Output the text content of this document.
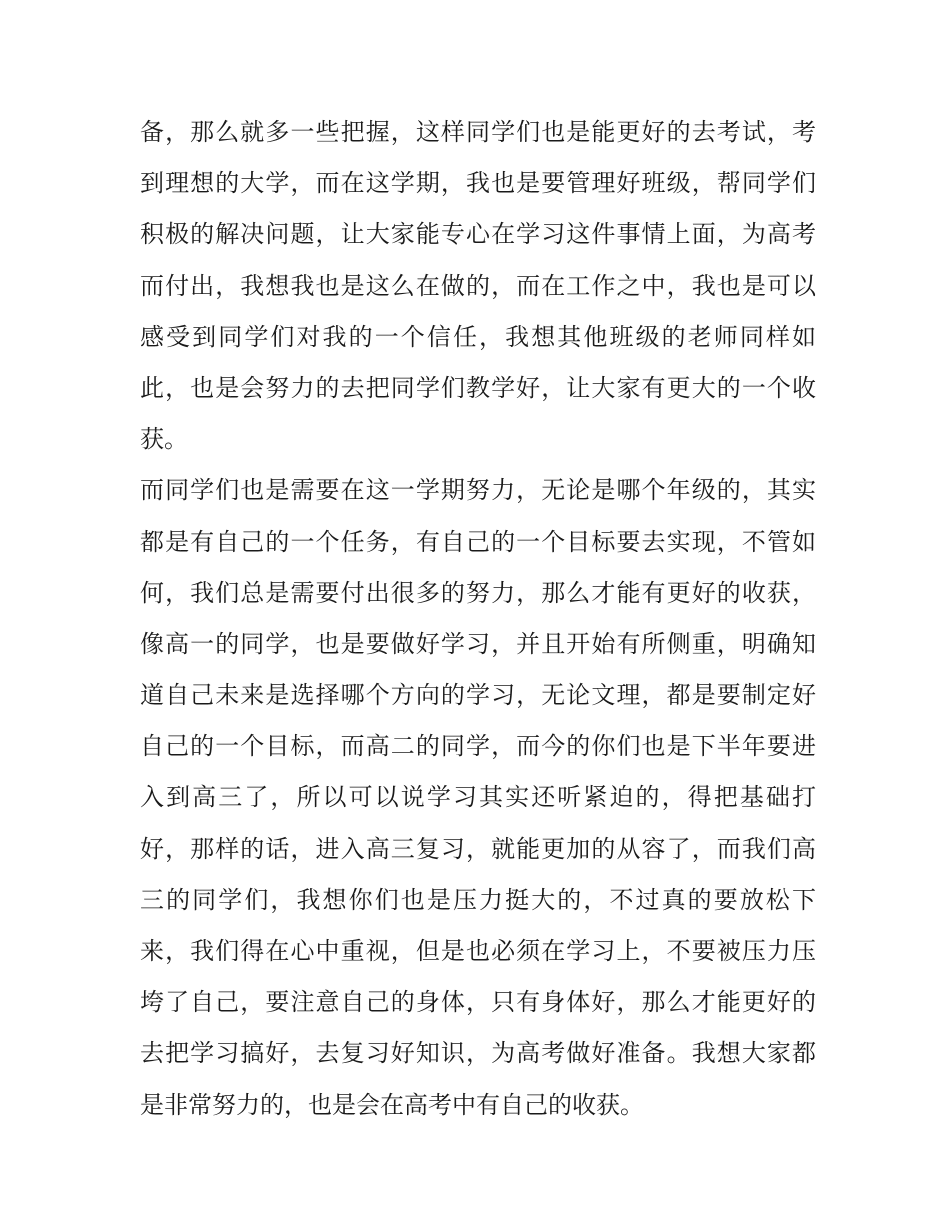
备，那么就多一些把握，这样同学们也是能更好的去考试，考
到理想的大学，而在这学期，我也是要管理好班级，帮同学们
积极的解决问题，让大家能专心在学习这件事情上面，为高考
而付出，我想我也是这么在做的，而在工作之中，我也是可以
感受到同学们对我的一个信任，我想其他班级的老师同样如
此，也是会努力的去把同学们教学好，让大家有更大的一个收
获。
而同学们也是需要在这一学期努力，无论是哪个年级的，其实
都是有自己的一个任务，有自己的一个目标要去实现，不管如
何，我们总是需要付出很多的努力，那么才能有更好的收获，
像高一的同学，也是要做好学习，并且开始有所侧重，明确知
道自己未来是选择哪个方向的学习，无论文理，都是要制定好
自己的一个目标，而高二的同学，而今的你们也是下半年要进
入到高三了，所以可以说学习其实还听紧迫的，得把基础打
好，那样的话，进入高三复习，就能更加的从容了，而我们高
三的同学们，我想你们也是压力挺大的，不过真的要放松下
来，我们得在心中重视，但是也必须在学习上，不要被压力压
垮了自己，要注意自己的身体，只有身体好，那么才能更好的
去把学习搞好，去复习好知识，为高考做好准备。我想大家都
是非常努力的，也是会在高考中有自己的收获。
